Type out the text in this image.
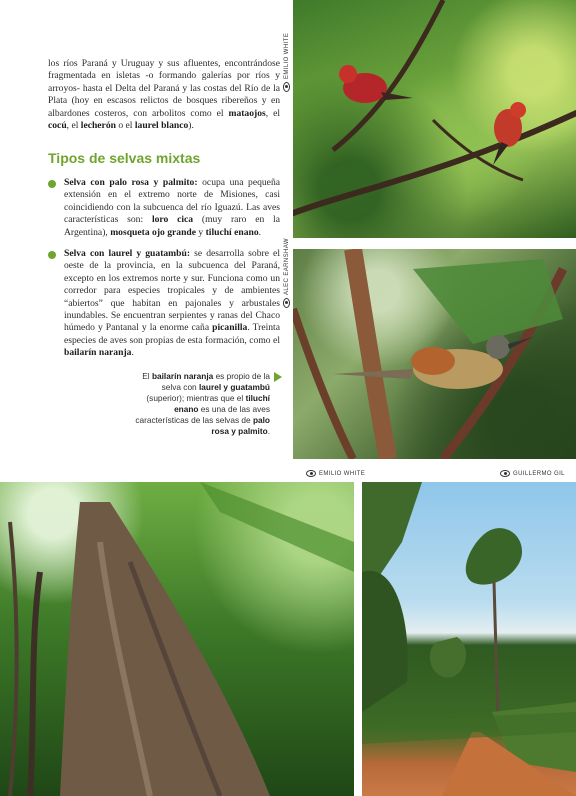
los ríos Paraná y Uruguay y sus afluentes, encontrándose fragmentada en isletas -o formando galerías por ríos y arroyos- hasta el Delta del Paraná y las costas del Río de la Plata (hoy en escasos relictos de bosques ribereños y en albardones costeros, con arbolitos como el mataojos, el cocú, el lecherón o el laurel blanco).

Tipos de selvas mixtas

Selva con palo rosa y palmito: ocupa una pequeña extensión en el extremo norte de Misiones, casi coincidiendo con la subcuenca del río Iguazú. Las aves características son: loro cica (muy raro en la Argentina), mosqueta ojo grande y tiluchí enano.

Selva con laurel y guatambú: se desarrolla sobre el oeste de la provincia, en la subcuenca del Paraná, excepto en los extremos norte y sur. Funciona como un corredor para especies tropicales y de ambientes “abiertos” que habitan en pajonales y arbustales inundables. Se encuentran serpientes y ranas del Chaco húmedo y Pantanal y la enorme caña picanilla. Treinta especies de aves son propias de esta formación, como el bailarín naranja.

El bailarín naranja es propio de la selva con laurel y guatambú (superior); mientras que el tiluchí enano es una de las aves características de las selvas de palo rosa y palmito.

EMILIO WHITE
ALEC EARNSHAW
EMILIO WHITE	GUILLERMO GIL
